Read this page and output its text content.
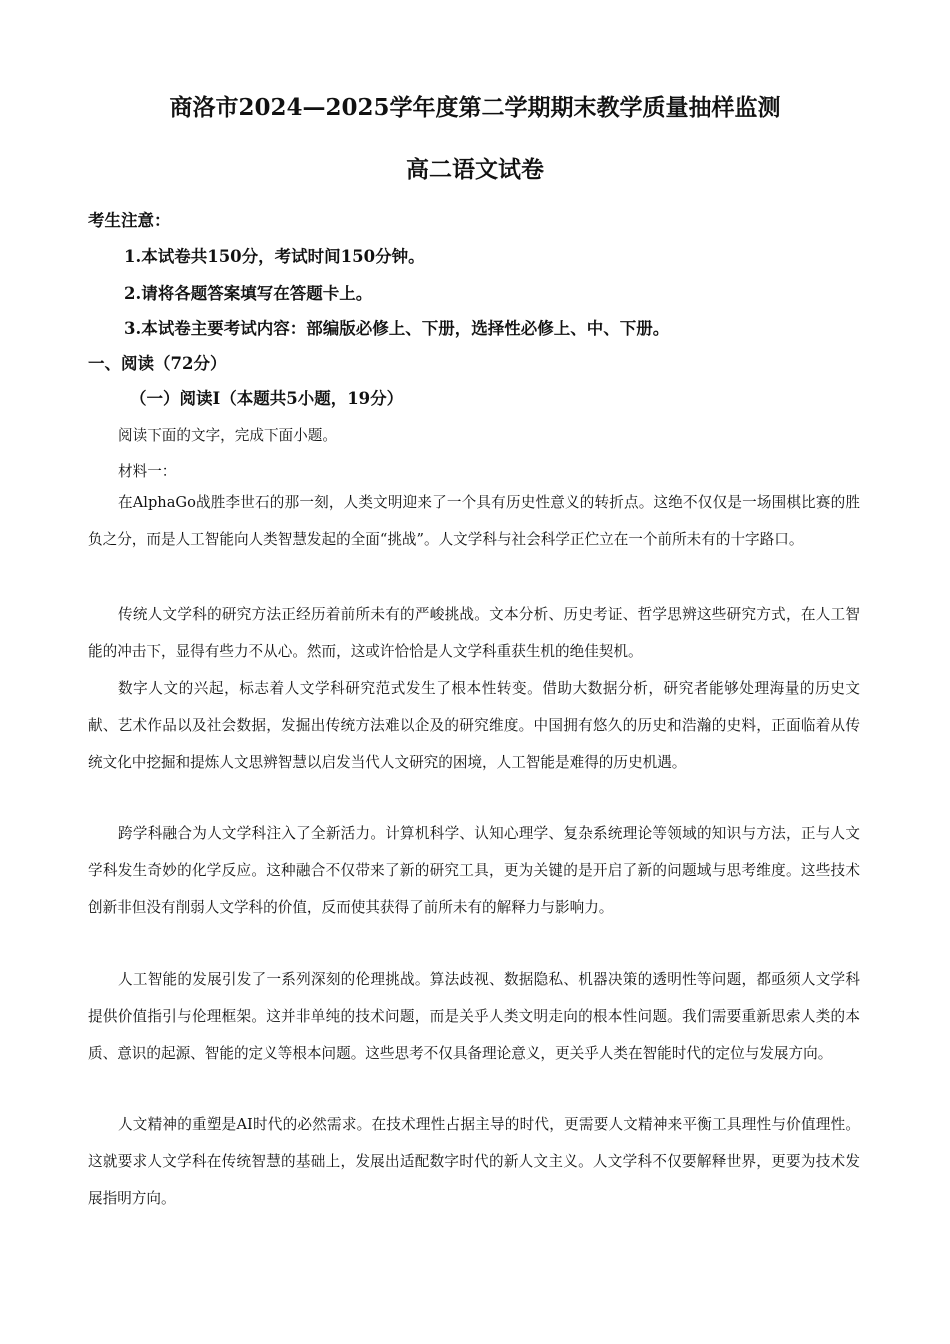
商洛市2024—2025学年度第二学期期末教学质量抽样监测
高二语文试卷

考生注意：

1.本试卷共150分，考试时间150分钟。

2.请将各题答案填写在答题卡上。

3.本试卷主要考试内容：部编版必修上、下册，选择性必修上、中、下册。

一、阅读（72分）

（一）阅读Ⅰ（本题共5小题，19分）

阅读下面的文字，完成下面小题。

材料一：

在AlphaGo战胜李世石的那一刻，人类文明迎来了一个具有历史性意义的转折点。这绝不仅仅是一场围棋比赛的胜负之分，而是人工智能向人类智慧发起的全面“挑战”。人文学科与社会科学正伫立在一个前所未有的十字路口。

传统人文学科的研究方法正经历着前所未有的严峻挑战。文本分析、历史考证、哲学思辨这些研究方式，在人工智能的冲击下，显得有些力不从心。然而，这或许恰恰是人文学科重获生机的绝佳契机。

数字人文的兴起，标志着人文学科研究范式发生了根本性转变。借助大数据分析，研究者能够处理海量的历史文献、艺术作品以及社会数据，发掘出传统方法难以企及的研究维度。中国拥有悠久的历史和浩瀚的史料，正面临着从传统文化中挖掘和提炼人文思辨智慧以启发当代人文研究的困境，人工智能是难得的历史机遇。

跨学科融合为人文学科注入了全新活力。计算机科学、认知心理学、复杂系统理论等领域的知识与方法，正与人文学科发生奇妙的化学反应。这种融合不仅带来了新的研究工具，更为关键的是开启了新的问题域与思考维度。这些技术创新非但没有削弱人文学科的价值，反而使其获得了前所未有的解释力与影响力。

人工智能的发展引发了一系列深刻的伦理挑战。算法歧视、数据隐私、机器决策的透明性等问题，都亟须人文学科提供价值指引与伦理框架。这并非单纯的技术问题，而是关乎人类文明走向的根本性问题。我们需要重新思索人类的本质、意识的起源、智能的定义等根本问题。这些思考不仅具备理论意义，更关乎人类在智能时代的定位与发展方向。

人文精神的重塑是AI时代的必然需求。在技术理性占据主导的时代，更需要人文精神来平衡工具理性与价值理性。这就要求人文学科在传统智慧的基础上，发展出适配数字时代的新人文主义。人文学科不仅要解释世界，更要为技术发展指明方向。
